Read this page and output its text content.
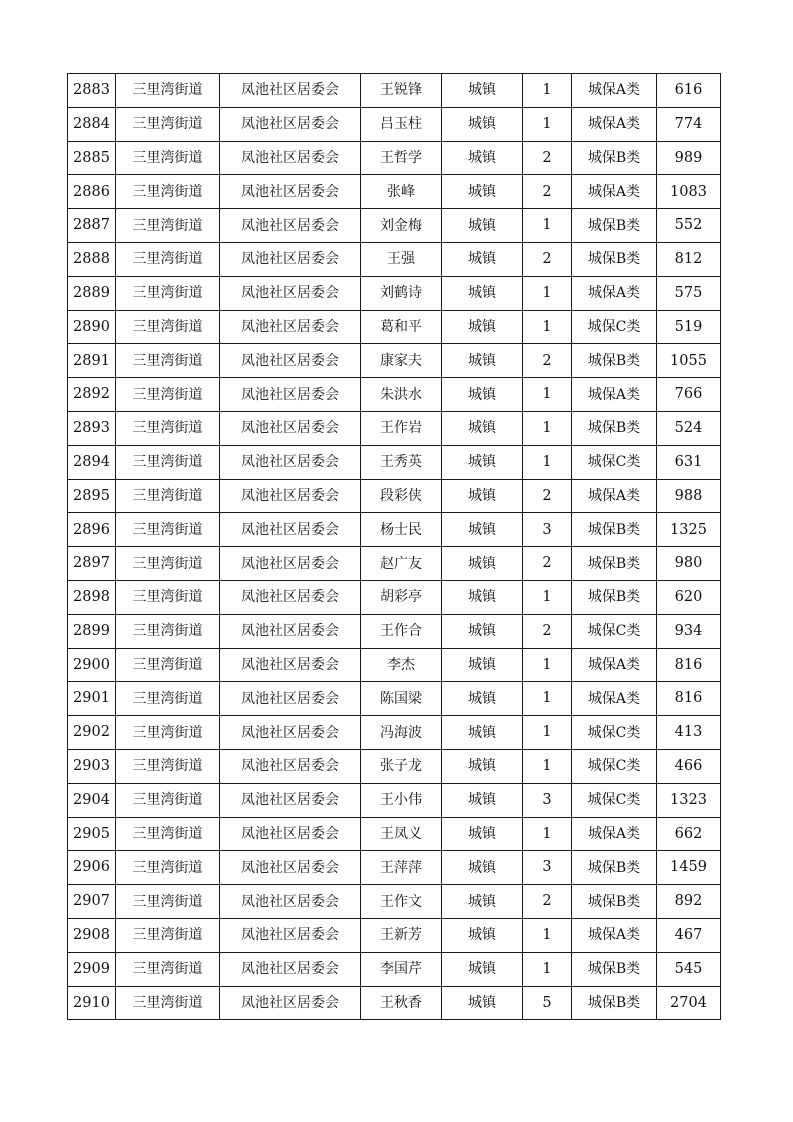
2883	三里湾街道	凤池社区居委会	王锐锋	城镇	1	城保A类	616
2884	三里湾街道	凤池社区居委会	吕玉柱	城镇	1	城保A类	774
2885	三里湾街道	凤池社区居委会	王哲学	城镇	2	城保B类	989
2886	三里湾街道	凤池社区居委会	张峰	城镇	2	城保A类	1083
2887	三里湾街道	凤池社区居委会	刘金梅	城镇	1	城保B类	552
2888	三里湾街道	凤池社区居委会	王强	城镇	2	城保B类	812
2889	三里湾街道	凤池社区居委会	刘鹤诗	城镇	1	城保A类	575
2890	三里湾街道	凤池社区居委会	葛和平	城镇	1	城保C类	519
2891	三里湾街道	凤池社区居委会	康家夫	城镇	2	城保B类	1055
2892	三里湾街道	凤池社区居委会	朱洪水	城镇	1	城保A类	766
2893	三里湾街道	凤池社区居委会	王作岩	城镇	1	城保B类	524
2894	三里湾街道	凤池社区居委会	王秀英	城镇	1	城保C类	631
2895	三里湾街道	凤池社区居委会	段彩侠	城镇	2	城保A类	988
2896	三里湾街道	凤池社区居委会	杨士民	城镇	3	城保B类	1325
2897	三里湾街道	凤池社区居委会	赵广友	城镇	2	城保B类	980
2898	三里湾街道	凤池社区居委会	胡彩亭	城镇	1	城保B类	620
2899	三里湾街道	凤池社区居委会	王作合	城镇	2	城保C类	934
2900	三里湾街道	凤池社区居委会	李杰	城镇	1	城保A类	816
2901	三里湾街道	凤池社区居委会	陈国梁	城镇	1	城保A类	816
2902	三里湾街道	凤池社区居委会	冯海波	城镇	1	城保C类	413
2903	三里湾街道	凤池社区居委会	张子龙	城镇	1	城保C类	466
2904	三里湾街道	凤池社区居委会	王小伟	城镇	3	城保C类	1323
2905	三里湾街道	凤池社区居委会	王凤义	城镇	1	城保A类	662
2906	三里湾街道	凤池社区居委会	王萍萍	城镇	3	城保B类	1459
2907	三里湾街道	凤池社区居委会	王作文	城镇	2	城保B类	892
2908	三里湾街道	凤池社区居委会	王新芳	城镇	1	城保A类	467
2909	三里湾街道	凤池社区居委会	李国芹	城镇	1	城保B类	545
2910	三里湾街道	凤池社区居委会	王秋香	城镇	5	城保B类	2704
